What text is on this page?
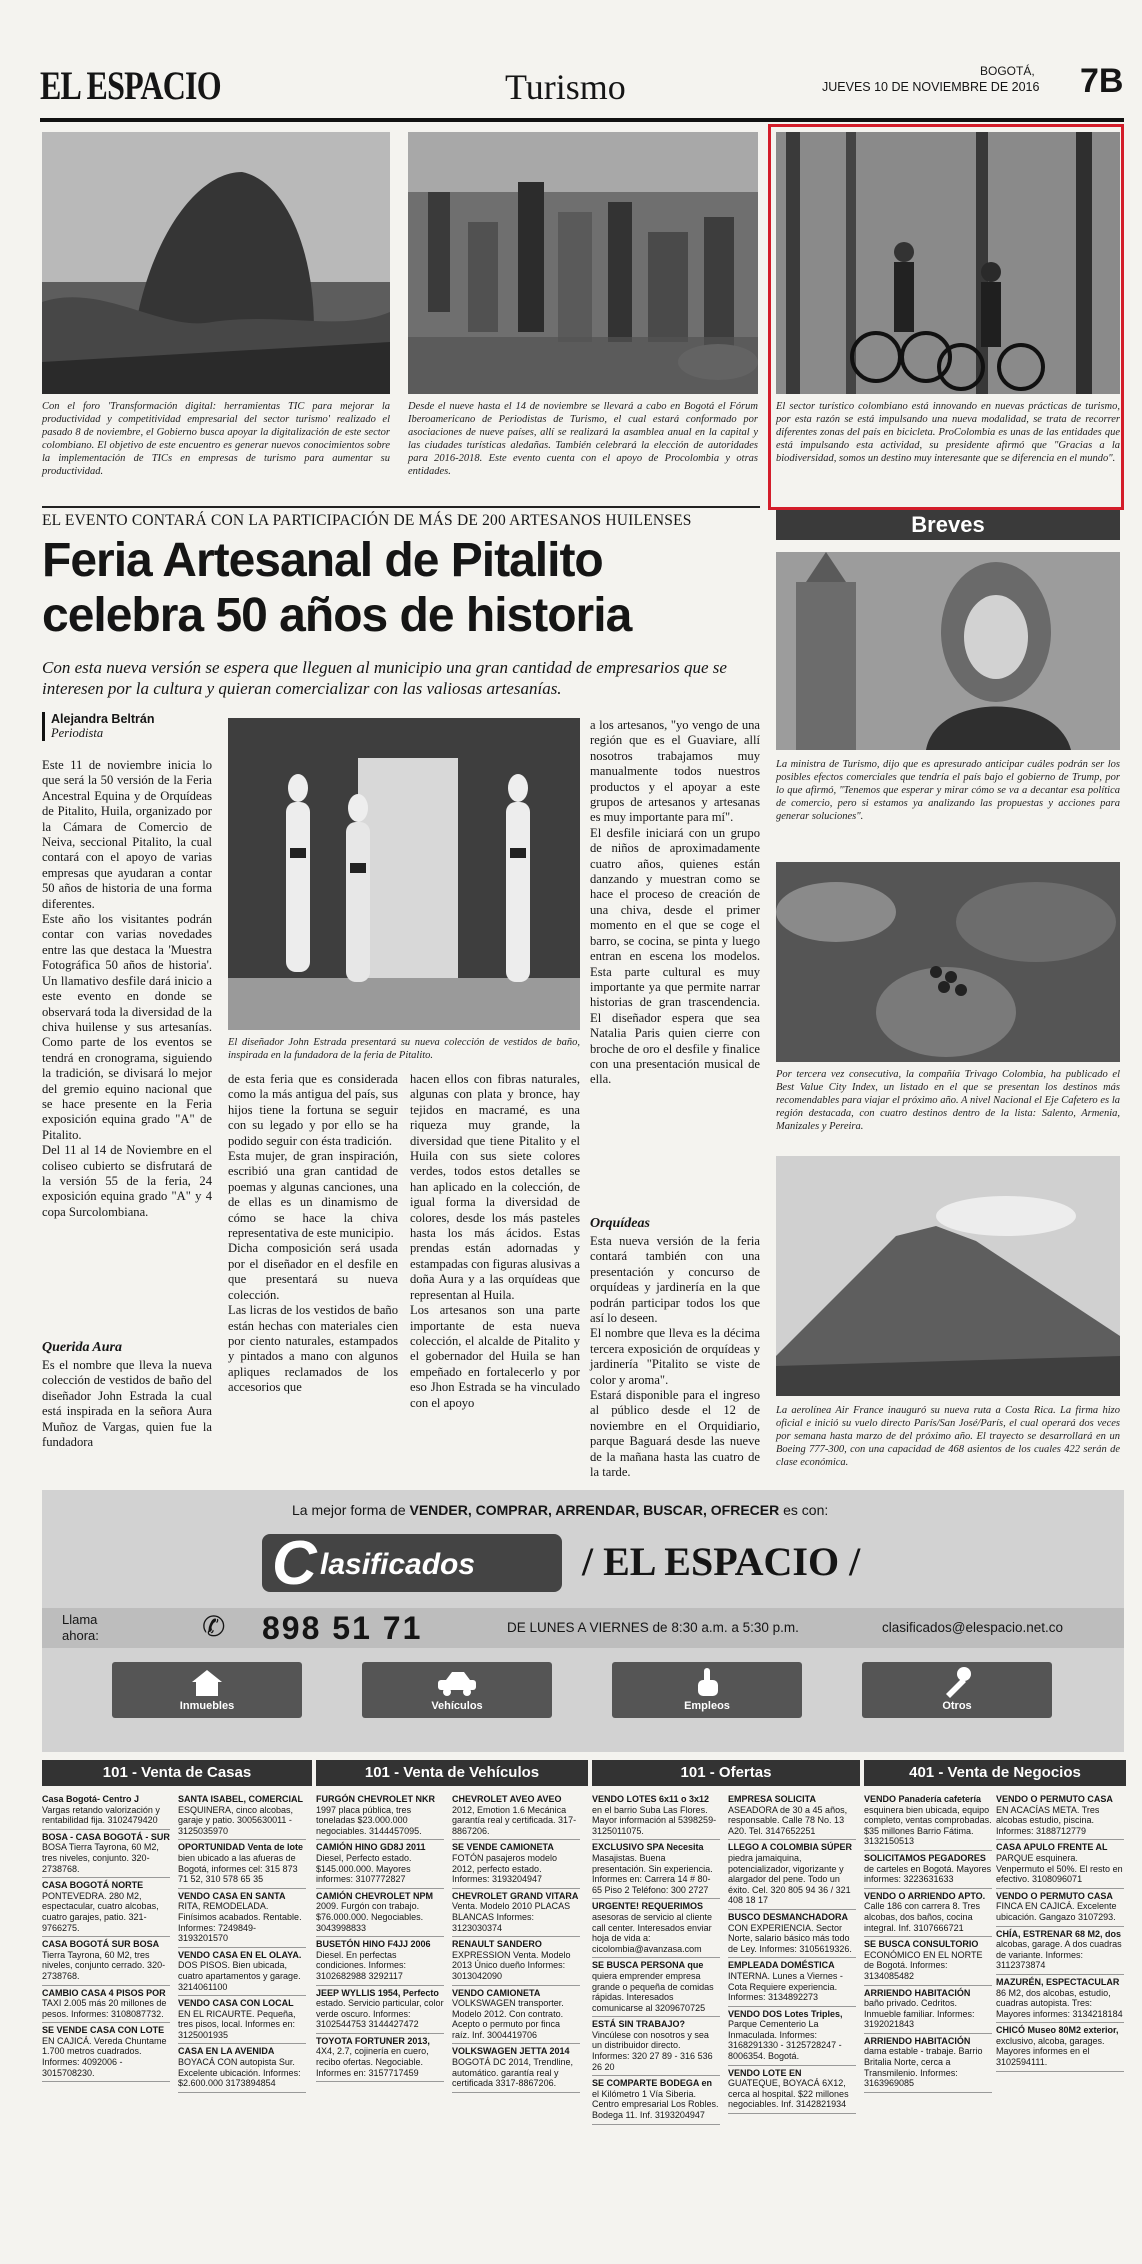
EL ESPACIO	Turismo	BOGOTÁ,
JUEVES 10 DE NOVIEMBRE DE 2016 7B
Con el foro 'Transformación digital: herramientas TIC para mejorar la productividad y competitividad empresarial del sector turismo' realizado el pasado 8 de noviembre, el Gobierno busca apoyar la digitalización de este sector colombiano. El objetivo de este encuentro es generar nuevos conocimientos sobre la implementación de TICs en empresas de turismo para aumentar su productividad.
Desde el nueve hasta el 14 de noviembre se llevará a cabo en Bogotá el Fórum Iberoamericano de Periodistas de Turismo, el cual estará conformado por asociaciones de nueve países, allí se realizará la asamblea anual en la capital y las ciudades turísticas aledañas. También celebrará la elección de autoridades para 2016-2018. Este evento cuenta con el apoyo de Procolombia y otras entidades.
El sector turístico colombiano está innovando en nuevas prácticas de turismo, por esta razón se está impulsando una nueva modalidad, se trata de recorrer diferentes zonas del país en bicicleta. ProColombia es unas de las entidades que está impulsando esta actividad, su presidente afirmó que "Gracias a la biodiversidad, somos un destino muy interesante que se diferencia en el mundo".
EL EVENTO CONTARÁ CON LA PARTICIPACIÓN DE MÁS DE 200 ARTESANOS HUILENSES
Feria Artesanal de Pitalito
celebra 50 años de historia
Con esta nueva versión se espera que lleguen al municipio una gran cantidad de empresarios que se interesen por la cultura y quieran comercializar con las valiosas artesanías.
Alejandra Beltrán
Periodista
Este 11 de noviembre inicia lo que será la 50 versión de la Feria Ancestral Equina y de Orquídeas de Pitalito, Huila, organizado por la Cámara de Comercio de Neiva, seccional Pitalito, la cual contará con el apoyo de varias empresas que ayudaran a contar 50 años de historia de una forma diferentes.
Este año los visitantes podrán contar con varias novedades entre las que destaca la 'Muestra Fotográfica 50 años de historia'. Un llamativo desfile dará inicio a este evento en donde se observará toda la diversidad de la chiva huilense y sus artesanías. Como parte de los eventos se tendrá en cronograma, siguiendo la tradición, se divisará lo mejor del gremio equino nacional que se hace presente en la Feria exposición equina grado "A" de Pitalito.
Del 11 al 14 de Noviembre en el coliseo cubierto se disfrutará de la versión 55 de la feria, 24 exposición equina grado "A" y 4 copa Surcolombiana.
Querida Aura
Es el nombre que lleva la nueva colección de vestidos de baño del diseñador John Estrada la cual está inspirada en la señora Aura Muñoz de Vargas, quien fue la fundadora
El diseñador John Estrada presentará su nueva colección de vestidos de baño, inspirada en la fundadora de la feria de Pitalito.
de esta feria que es considerada como la más antigua del país, sus hijos tiene la fortuna se seguir con su legado y por ello se ha podido seguir con ésta tradición.
Esta mujer, de gran inspiración, escribió una gran cantidad de poemas y algunas canciones, una de ellas es un dinamismo de cómo se hace la chiva representativa de este municipio.
Dicha composición será usada por el diseñador en el desfile en que presentará su nueva colección.
Las licras de los vestidos de baño están hechas con materiales cien por ciento naturales, estampados y pintados a mano con algunos apliques reclamados de los accesorios que
hacen ellos con fibras naturales, algunas con plata y bronce, hay tejidos en macramé, es una riqueza muy grande, la diversidad que tiene Pitalito y el Huila con sus siete colores verdes, todos estos detalles se han aplicado en la colección, de igual forma la diversidad de colores, desde los más pasteles hasta los más ácidos. Estas prendas están adornadas y estampadas con figuras alusivas a doña Aura y a las orquídeas que representan al Huila.
Los artesanos son una parte importante de esta nueva colección, el alcalde de Pitalito y el gobernador del Huila se han empeñado en fortalecerlo y por eso Jhon Estrada se ha vinculado con el apoyo
a los artesanos, "yo vengo de una región que es el Guaviare, allí nosotros trabajamos muy manualmente todos nuestros productos y el apoyar a este grupos de artesanos y artesanas es muy importante para mí".
El desfile iniciará con un grupo de niños de aproximadamente cuatro años, quienes están danzando y muestran como se hace el proceso de creación de una chiva, desde el primer momento en el que se coge el barro, se cocina, se pinta y luego entran en escena los modelos. Esta parte cultural es muy importante ya que permite narrar historias de gran trascendencia. El diseñador espera que sea Natalia Paris quien cierre con broche de oro el desfile y finalice con una presentación musical de ella.
Orquídeas
Esta nueva versión de la feria contará también con una presentación y concurso de orquídeas y jardinería en la que podrán participar todos los que así lo deseen.
El nombre que lleva es la décima tercera exposición de orquídeas y jardinería "Pitalito se viste de color y aroma".
Estará disponible para el ingreso al público desde el 12 de noviembre en el Orquidiario, parque Baguará desde las nueve de la mañana hasta las cuatro de la tarde.
Breves
La ministra de Turismo, dijo que es apresurado anticipar cuáles podrán ser los posibles efectos comerciales que tendría el país bajo el gobierno de Trump, por lo que afirmó, "Tenemos que esperar y mirar cómo se va a decantar esa política de comercio, pero si estamos ya analizando las propuestas y acciones para generar soluciones".
Por tercera vez consecutiva, la compañía Trivago Colombia, ha publicado el Best Value City Index, un listado en el que se presentan los destinos más recomendables para viajar el próximo año. A nivel Nacional el Eje Cafetero es la región destacada, con cuatro destinos dentro de la lista: Salento, Armenia, Manizales y Pereira.
La aerolínea Air France inauguró su nueva ruta a Costa Rica. La firma hizo oficial e inició su vuelo directo París/San José/París, el cual operará dos veces por semana hasta marzo de del próximo año. El trayecto se desarrollará en un Boeing 777-300, con una capacidad de 468 asientos de los cuales 422 serán de clase económica.
La mejor forma de VENDER, COMPRAR, ARRENDAR, BUSCAR, OFRECER es con:
C lasificados	/ EL ESPACIO /
Llama
ahora:	✆ 898 51 71	DE LUNES A VIERNES de 8:30 a.m. a 5:30 p.m.	clasificados@elespacio.net.co
Inmuebles	Vehículos	Empleos	Otros
101 - Venta de Casas	101 - Venta de Vehículos	101 - Ofertas	401 - Venta de Negocios
Casa Bogotá- Centro J Vargas retando valorización y rentabilidad fija. 3102479420
BOSA - CASA BOGOTÁ - SUR BOSA Tierra Tayrona, 60 M2, tres niveles, conjunto. 320-2738768.
CASA BOGOTÁ NORTE PONTEVEDRA. 280 M2, espectacular, cuatro alcobas, cuatro garajes, patio. 321-9766275.
CASA BOGOTÁ SUR BOSA Tierra Tayrona, 60 M2, tres niveles, conjunto cerrado. 320-2738768.
CAMBIO CASA 4 PISOS POR TAXI 2.005 más 20 millones de pesos. Informes: 3108087732.
SE VENDE CASA CON LOTE EN CAJICÁ. Vereda Chuntame 1.700 metros cuadrados. Informes: 4092006 - 3015708230.
SANTA ISABEL, COMERCIAL ESQUINERA, cinco alcobas, garaje y patio. 3005630011 - 3125035970
OPORTUNIDAD Venta de lote bien ubicado a las afueras de Bogotá, informes cel: 315 873 71 52, 310 578 65 35
VENDO CASA EN SANTA RITA, REMODELADA. Finísimos acabados. Rentable. Informes: 7249849-3193201570
VENDO CASA EN EL OLAYA. DOS PISOS. Bien ubicada, cuatro apartamentos y garage. 3214061100
VENDO CASA CON LOCAL EN EL RICAURTE. Pequeña, tres pisos, local. Informes en: 3125001935
CASA EN LA AVENIDA BOYACÁ CON autopista Sur. Excelente ubicación. Informes: $2.600.000 3173894854
FURGÓN CHEVROLET NKR 1997 placa pública, tres toneladas $23.000.000 negociables. 3144457095.
CAMIÓN HINO GD8J 2011 Diesel, Perfecto estado. $145.000.000. Mayores informes: 3107772827
CAMIÓN CHEVROLET NPM 2009. Furgón con trabajo. $76.000.000. Negociables. 3043998833
BUSETÓN HINO F4JJ 2006 Diesel. En perfectas condiciones. Informes: 3102682988 3292117
JEEP WYLLIS 1954, Perfecto estado. Servicio particular, color verde oscuro. Informes: 3102544753 3144427472
TOYOTA FORTUNER 2013, 4X4, 2.7, cojinería en cuero, recibo ofertas. Negociable. Informes en: 3157717459
CHEVROLET AVEO AVEO 2012, Emotion 1.6 Mecánica garantía real y certificada. 317-8867206.
SE VENDE CAMIONETA FOTÓN pasajeros modelo 2012, perfecto estado. Informes: 3193204947
CHEVROLET GRAND VITARA Venta. Modelo 2010 PLACAS BLANCAS Informes: 3123030374
RENAULT SANDERO EXPRESSION Venta. Modelo 2013 Único dueño Informes: 3013042090
VENDO CAMIONETA VOLKSWAGEN transporter. Modelo 2012. Con contrato. Acepto o permuto por finca raíz. Inf. 3004419706
VOLKSWAGEN JETTA 2014 BOGOTÁ DC 2014, Trendline, automático. garantía real y certificada 3317-8867206.
VENDO LOTES 6x11 o 3x12 en el barrio Suba Las Flores. Mayor información al 5398259-3125011075.
EXCLUSIVO SPA Necesita Masajistas. Buena presentación. Sin experiencia. Informes en: Carrera 14 # 80-65 Piso 2 Teléfono: 300 2727
URGENTE! REQUERIMOS asesoras de servicio al cliente call center. Interesados enviar hoja de vida a: cicolombia@avanzasa.com
SE BUSCA PERSONA que quiera emprender empresa grande o pequeña de comidas rápidas. Interesados comunicarse al 3209670725
ESTÁ SIN TRABAJO? Vincúlese con nosotros y sea un distribuidor directo. Informes: 320 27 89 - 316 536 26 20
SE COMPARTE BODEGA en el Kilómetro 1 Vía Siberia. Centro empresarial Los Robles. Bodega 11. Inf. 3193204947
EMPRESA SOLICITA ASEADORA de 30 a 45 años, responsable. Calle 78 No. 13 A20. Tel. 3147652251
LLEGO A COLOMBIA SÚPER piedra jamaiquina, potencializador, vigorizante y alargador del pene. Todo un éxito. Cel. 320 805 94 36 / 321 408 18 17
BUSCO DESMANCHADORA CON EXPERIENCIA. Sector Norte, salario básico más todo de Ley. Informes: 3105619326.
EMPLEADA DOMÉSTICA INTERNA. Lunes a Viernes - Cota Requiere experiencia. Informes: 3134892273
VENDO DOS Lotes Triples, Parque Cementerio La Inmaculada. Informes: 3168291330 - 3125728247 - 8006354. Bogotá.
VENDO LOTE EN GUATEQUE, BOYACÁ 6X12, cerca al hospital. $22 millones negociables. Inf. 3142821934
VENDO Panadería cafetería esquinera bien ubicada, equipo completo, ventas comprobadas. $35 millones Barrio Fátima. 3132150513
SOLICITAMOS PEGADORES de carteles en Bogotá. Mayores informes: 3223631633
VENDO O ARRIENDO APTO. Calle 186 con carrera 8. Tres alcobas, dos baños, cocina integral. Inf. 3107666721
SE BUSCA CONSULTORIO ECONÓMICO EN EL NORTE de Bogotá. Informes: 3134085482
ARRIENDO HABITACIÓN baño privado. Cedritos. Inmueble familiar. Informes: 3192021843
ARRIENDO HABITACIÓN dama estable - trabaje. Barrio Britalia Norte, cerca a Transmilenio. Informes: 3163969085
VENDO O PERMUTO CASA EN ACACÍAS META. Tres alcobas estudio, piscina. Informes: 3188712779
CASA APULO FRENTE AL PARQUE esquinera. Venpermuto el 50%. El resto en efectivo. 3108096071
VENDO O PERMUTO CASA FINCA EN CAJICÁ. Excelente ubicación. Gangazo 3107293.
CHÍA, ESTRENAR 68 M2, dos alcobas, garage. A dos cuadras de variante. Informes: 3112373874
MAZURÉN, ESPECTACULAR 86 M2, dos alcobas, estudio, cuadras autopista. Tres: Mayores informes: 3134218184
CHICÓ Museo 80M2 exterior, exclusivo, alcoba, garages. Mayores informes en el 3102594111.
